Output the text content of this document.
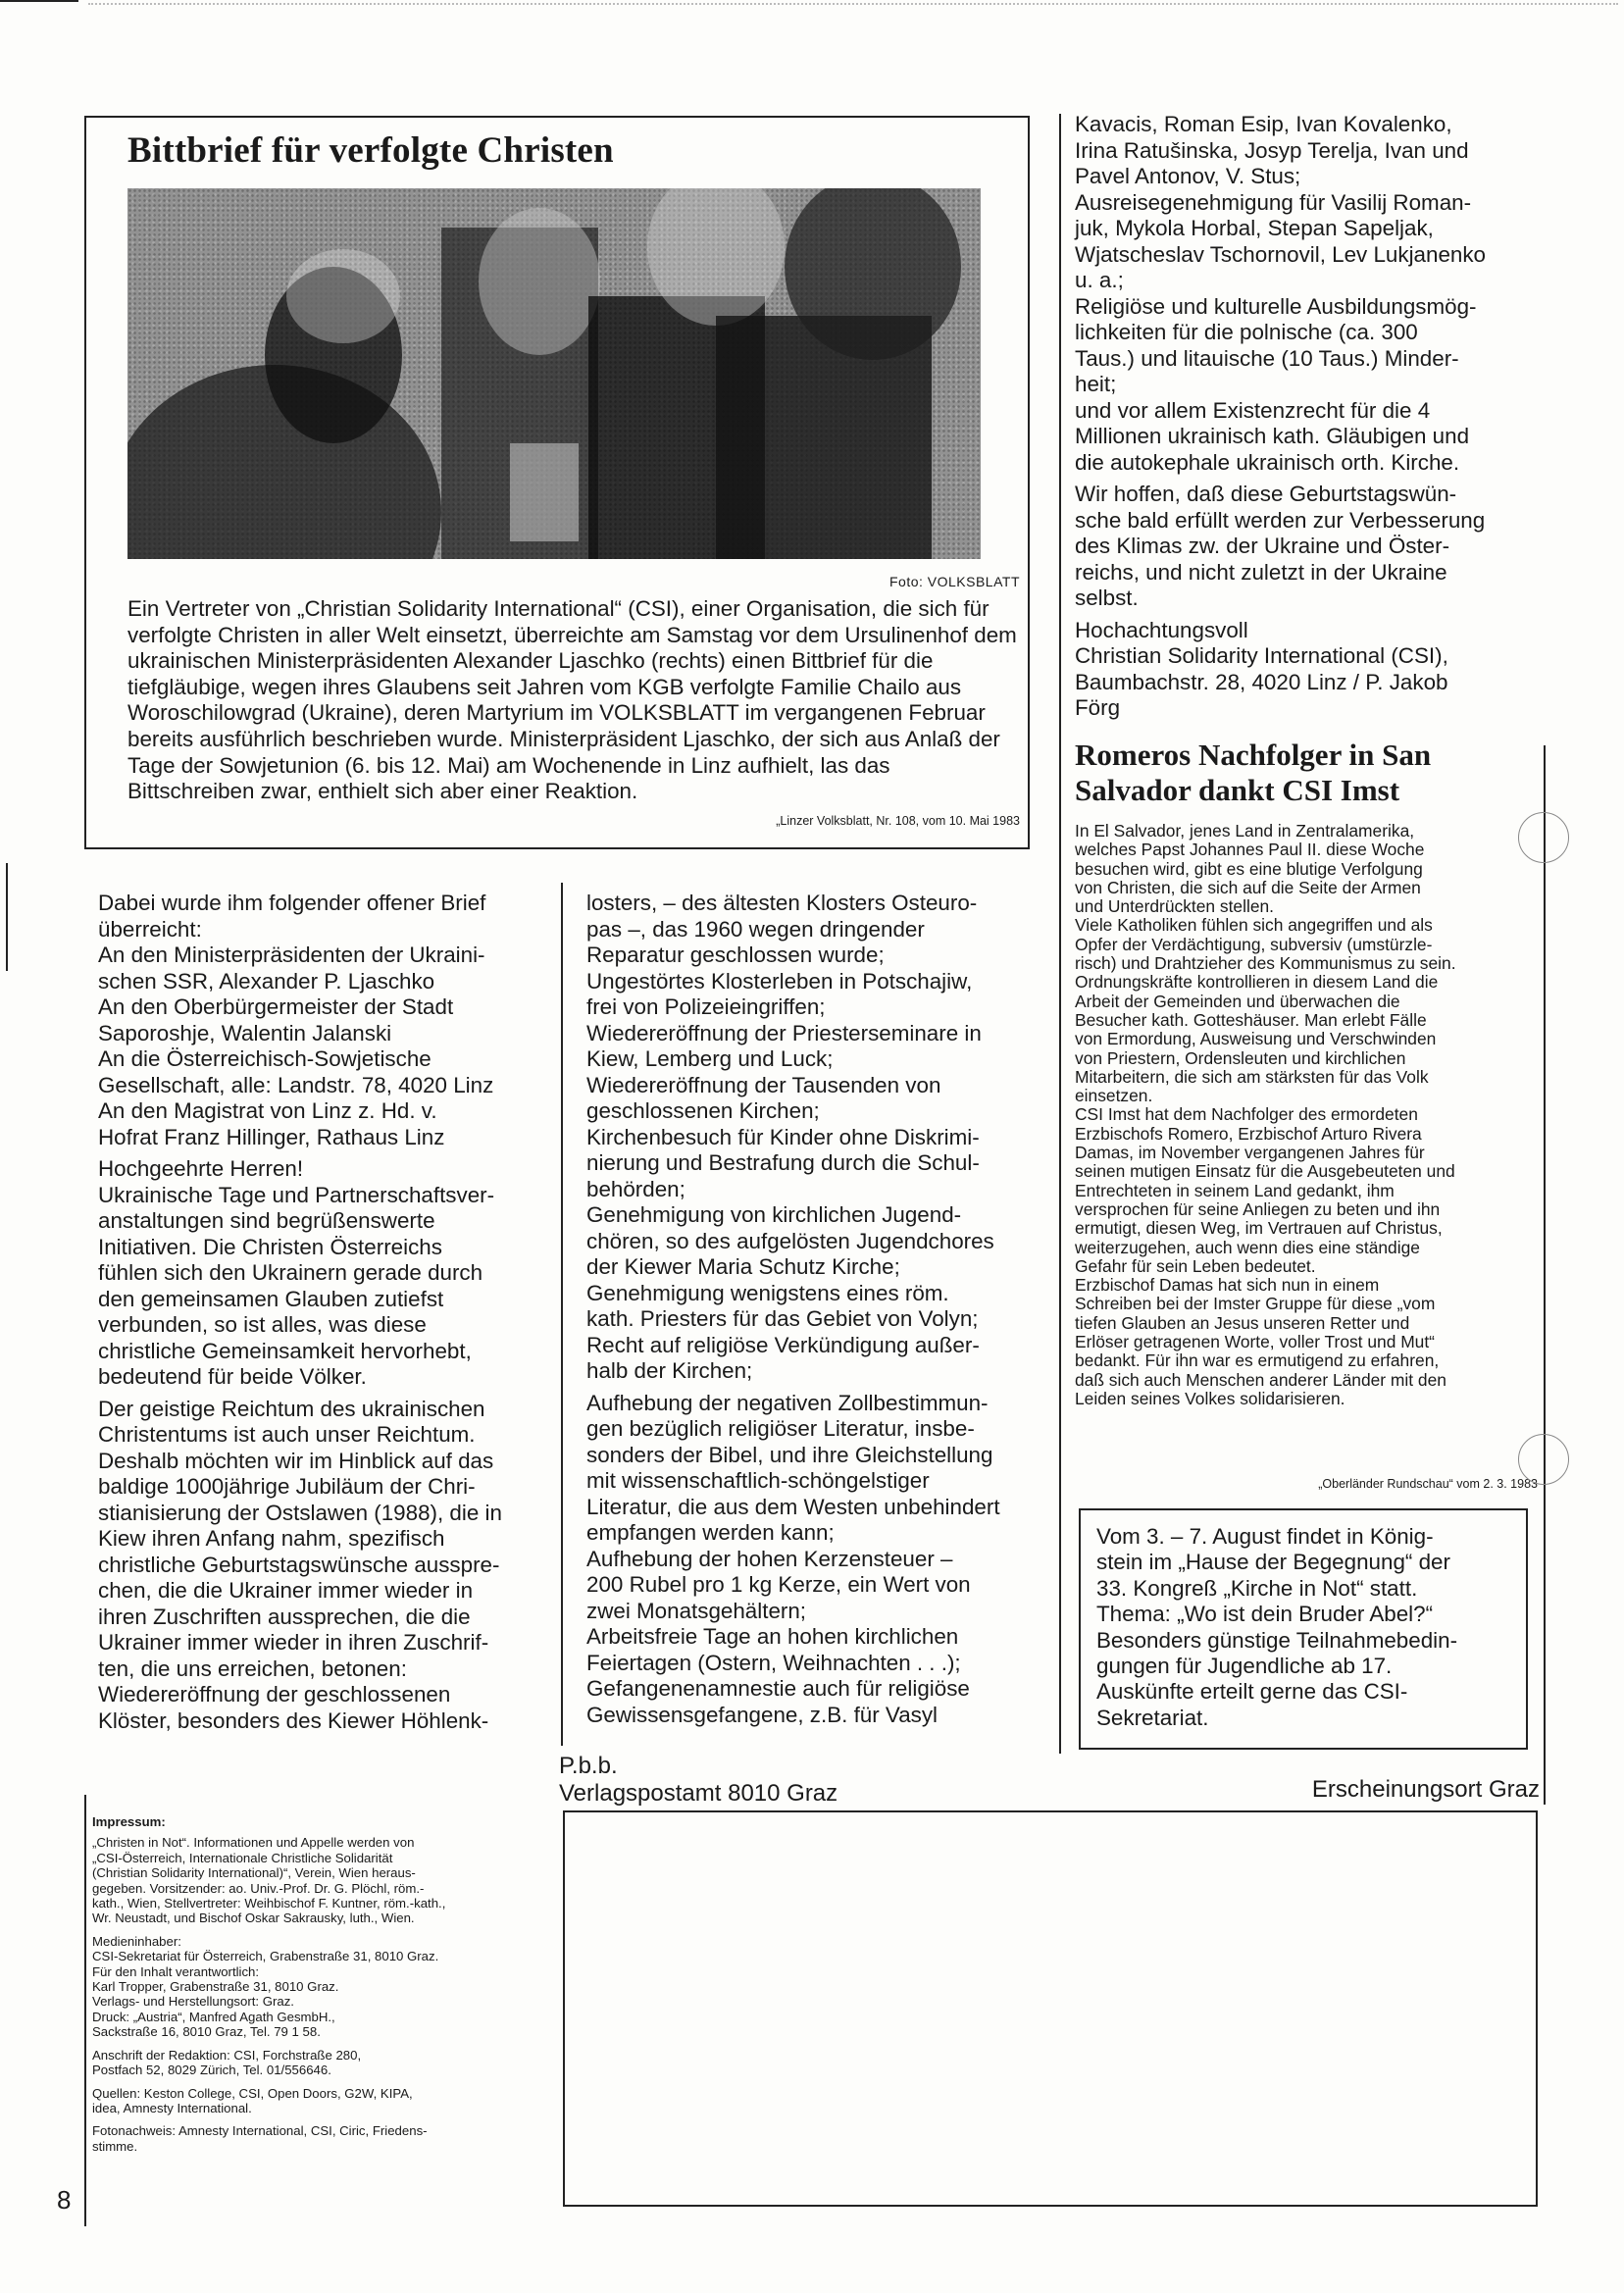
Bittbrief für verfolgte Christen
Foto: VOLKSBLATT
Ein Vertreter von „Christian Solidarity International“ (CSI), einer Organisation, die sich für verfolgte Christen in aller Welt einsetzt, überreichte am Samstag vor dem Ursulinenhof dem ukrainischen Ministerpräsidenten Alexander Ljaschko (rechts) einen Bittbrief für die tiefgläubige, wegen ihres Glaubens seit Jahren vom KGB verfolgte Familie Chailo aus Woroschilowgrad (Ukraine), deren Martyrium im VOLKSBLATT im vergangenen Februar bereits ausführlich beschrieben wurde. Ministerpräsident Ljaschko, der sich aus Anlaß der Tage der Sowjetunion (6. bis 12. Mai) am Wochenende in Linz aufhielt, las das Bittschreiben zwar, enthielt sich aber einer Reaktion.
„Linzer Volksblatt, Nr. 108, vom 10. Mai 1983

Dabei wurde ihm folgender offener Brief
überreicht:
An den Ministerpräsidenten der Ukraini-
schen SSR, Alexander P. Ljaschko
An den Oberbürgermeister der Stadt
Saporoshje, Walentin Jalanski
An die Österreichisch-Sowjetische
Gesellschaft, alle: Landstr. 78, 4020 Linz
An den Magistrat von Linz z. Hd. v.
Hofrat Franz Hillinger, Rathaus Linz

Hochgeehrte Herren!
Ukrainische Tage und Partnerschaftsver-
anstaltungen sind begrüßenswerte
Initiativen. Die Christen Österreichs
fühlen sich den Ukrainern gerade durch
den gemeinsamen Glauben zutiefst
verbunden, so ist alles, was diese
christliche Gemeinsamkeit hervorhebt,
bedeutend für beide Völker.

Der geistige Reichtum des ukrainischen
Christentums ist auch unser Reichtum.
Deshalb möchten wir im Hinblick auf das
baldige 1000jährige Jubiläum der Chri-
stianisierung der Ostslawen (1988), die in
Kiew ihren Anfang nahm, spezifisch
christliche Geburtstagswünsche ausspre-
chen, die die Ukrainer immer wieder in
ihren Zuschriften aussprechen, die die
Ukrainer immer wieder in ihren Zuschrif-
ten, die uns erreichen, betonen:
Wiedereröffnung der geschlossenen
Klöster, besonders des Kiewer Höhlenk-

losters, – des ältesten Klosters Osteuro-
pas –, das 1960 wegen dringender
Reparatur geschlossen wurde;
Ungestörtes Klosterleben in Potschajiw,
frei von Polizeieingriffen;
Wiedereröffnung der Priesterseminare in
Kiew, Lemberg und Luck;
Wiedereröffnung der Tausenden von
geschlossenen Kirchen;
Kirchenbesuch für Kinder ohne Diskrimi-
nierung und Bestrafung durch die Schul-
behörden;
Genehmigung von kirchlichen Jugend-
chören, so des aufgelösten Jugendchores
der Kiewer Maria Schutz Kirche;
Genehmigung wenigstens eines röm.
kath. Priesters für das Gebiet von Volyn;
Recht auf religiöse Verkündigung außer-
halb der Kirchen;

Aufhebung der negativen Zollbestimmun-
gen bezüglich religiöser Literatur, insbe-
sonders der Bibel, und ihre Gleichstellung
mit wissenschaftlich-schöngelstiger
Literatur, die aus dem Westen unbehindert
empfangen werden kann;
Aufhebung der hohen Kerzensteuer –
200 Rubel pro 1 kg Kerze, ein Wert von
zwei Monatsgehältern;
Arbeitsfreie Tage an hohen kirchlichen
Feiertagen (Ostern, Weihnachten . . .);
Gefangenenamnestie auch für religiöse
Gewissensgefangene, z.B. für Vasyl

Kavacis, Roman Esip, Ivan Kovalenko,
Irina Ratušinska, Josyp Terelja, Ivan und
Pavel Antonov, V. Stus;
Ausreisegenehmigung für Vasilij Roman-
juk, Mykola Horbal, Stepan Sapeljak,
Wjatscheslav Tschornovil, Lev Lukjanenko
u. a.;
Religiöse und kulturelle Ausbildungsmög-
lichkeiten für die polnische (ca. 300
Taus.) und litauische (10 Taus.) Minder-
heit;
und vor allem Existenzrecht für die 4
Millionen ukrainisch kath. Gläubigen und
die autokephale ukrainisch orth. Kirche.

Wir hoffen, daß diese Geburtstagswün-
sche bald erfüllt werden zur Verbesserung
des Klimas zw. der Ukraine und Öster-
reichs, und nicht zuletzt in der Ukraine
selbst.

Hochachtungsvoll
Christian Solidarity International (CSI),
Baumbachstr. 28, 4020 Linz / P. Jakob
Förg

Romeros Nachfolger in San Salvador dankt CSI Imst
In El Salvador, jenes Land in Zentralamerika,
welches Papst Johannes Paul II. diese Woche
besuchen wird, gibt es eine blutige Verfolgung
von Christen, die sich auf die Seite der Armen
und Unterdrückten stellen.
Viele Katholiken fühlen sich angegriffen und als
Opfer der Verdächtigung, subversiv (umstürzle-
risch) und Drahtzieher des Kommunismus zu sein.
Ordnungskräfte kontrollieren in diesem Land die
Arbeit der Gemeinden und überwachen die
Besucher kath. Gotteshäuser. Man erlebt Fälle
von Ermordung, Ausweisung und Verschwinden
von Priestern, Ordensleuten und kirchlichen
Mitarbeitern, die sich am stärksten für das Volk
einsetzen.
CSI Imst hat dem Nachfolger des ermordeten
Erzbischofs Romero, Erzbischof Arturo Rivera
Damas, im November vergangenen Jahres für
seinen mutigen Einsatz für die Ausgebeuteten und
Entrechteten in seinem Land gedankt, ihm
versprochen für seine Anliegen zu beten und ihn
ermutigt, diesen Weg, im Vertrauen auf Christus,
weiterzugehen, auch wenn dies eine ständige
Gefahr für sein Leben bedeutet.
Erzbischof Damas hat sich nun in einem
Schreiben bei der Imster Gruppe für diese „vom
tiefen Glauben an Jesus unseren Retter und
Erlöser getragenen Worte, voller Trost und Mut“
bedankt. Für ihn war es ermutigend zu erfahren,
daß sich auch Menschen anderer Länder mit den
Leiden seines Volkes solidarisieren.
„Oberländer Rundschau“ vom 2. 3. 1983
Vom 3. – 7. August findet in König-
stein im „Hause der Begegnung“ der
33. Kongreß „Kirche in Not“ statt.
Thema: „Wo ist dein Bruder Abel?“
Besonders günstige Teilnahmebedin-
gungen für Jugendliche ab 17.
Auskünfte erteilt gerne das CSI-
Sekretariat.
P.b.b.
Verlagspostamt 8010 Graz	Erscheinungsort Graz

Impressum:

„Christen in Not“. Informationen und Appelle werden von
„CSI-Österreich, Internationale Christliche Solidarität
(Christian Solidarity International)“, Verein, Wien heraus-
gegeben. Vorsitzender: ao. Univ.-Prof. Dr. G. Plöchl, röm.-
kath., Wien, Stellvertreter: Weihbischof F. Kuntner, röm.-kath.,
Wr. Neustadt, und Bischof Oskar Sakrausky, luth., Wien.

Medieninhaber:
CSI-Sekretariat für Österreich, Grabenstraße 31, 8010 Graz.
Für den Inhalt verantwortlich:
Karl Tropper, Grabenstraße 31, 8010 Graz.
Verlags- und Herstellungsort: Graz.
Druck: „Austria“, Manfred Agath GesmbH.,
Sackstraße 16, 8010 Graz, Tel. 79 1 58.

Anschrift der Redaktion: CSI, Forchstraße 280,
Postfach 52, 8029 Zürich, Tel. 01/556646.

Quellen: Keston College, CSI, Open Doors, G2W, KIPA,
idea, Amnesty International.

Fotonachweis: Amnesty International, CSI, Ciric, Friedens-
stimme.

8
